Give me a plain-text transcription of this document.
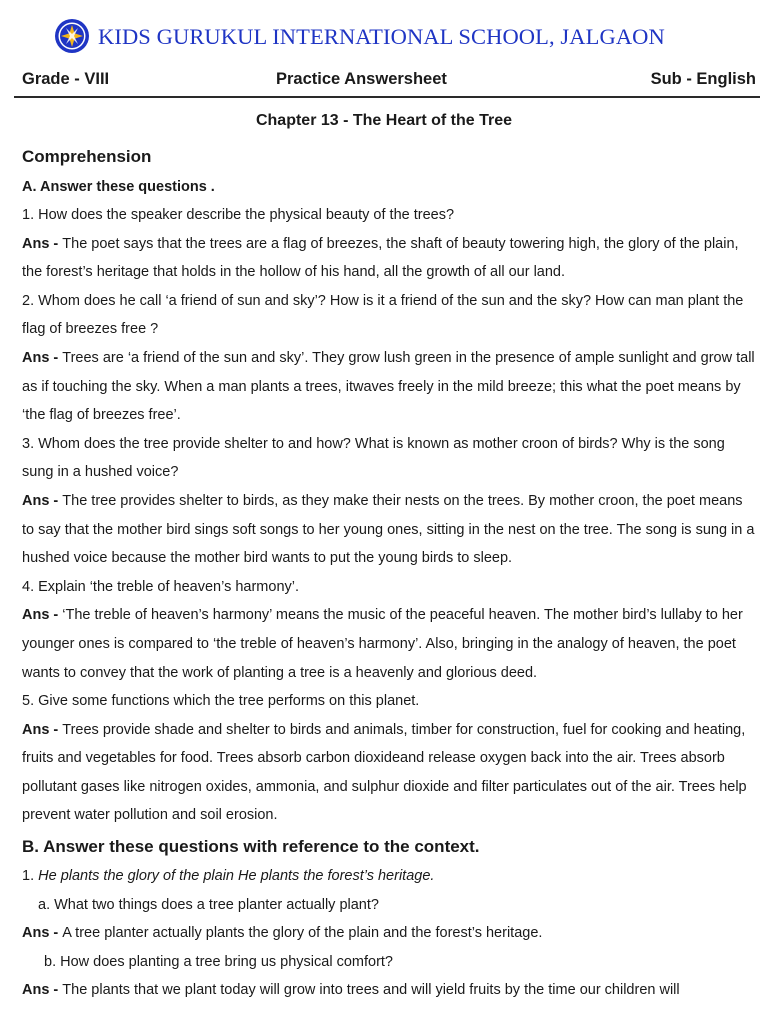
KIDS GURUKUL INTERNATIONAL SCHOOL, JALGAON
Grade - VIII	Practice Answersheet	Sub - English
Chapter 13 - The Heart of the Tree
Comprehension
A. Answer these questions .

1. How does the speaker describe the physical beauty of the trees?

Ans - The poet says that the trees are a flag of breezes, the shaft of beauty towering high, the glory of the plain, the forest’s heritage that holds in the hollow of his hand, all the growth of all our land.

2. Whom does he call ‘a friend of sun and sky’? How is it a friend of the sun and the sky? How can man plant the flag of breezes free ?

Ans - Trees are ‘a friend of the sun and sky’. They grow lush green in the presence of ample sunlight and grow tall as if touching the sky. When a man plants a trees, itwaves freely in the mild breeze; this what the poet means by ‘the flag of breezes free’.

3. Whom does the tree provide shelter to and how? What is known as mother croon of birds? Why is the song sung in a hushed voice?

Ans - The tree provides shelter to birds, as they make their nests on the trees. By mother croon, the poet means to say that the mother bird sings soft songs to her young ones, sitting in the nest on the tree. The song is sung in a hushed voice because the mother bird wants to put the young birds to sleep.

4. Explain ‘the treble of heaven’s harmony’.

Ans - ‘The treble of heaven’s harmony’ means the music of the peaceful heaven. The mother bird’s lullaby to her younger ones is compared to ‘the treble of heaven’s harmony’. Also, bringing in the analogy of heaven, the poet wants to convey that the work of planting a tree is a heavenly and glorious deed.

5. Give some functions which the tree performs on this planet.

Ans - Trees provide shade and shelter to birds and animals, timber for construction, fuel for cooking and heating, fruits and vegetables for food. Trees absorb carbon dioxideand release oxygen back into the air. Trees absorb pollutant gases like nitrogen oxides, ammonia, and sulphur dioxide and filter particulates out of the air. Trees help prevent water pollution and soil erosion.

B. Answer these questions with reference to the context.

1. He plants the glory of the plain He plants the forest’s heritage.

a. What two things does a tree planter actually plant?

Ans - A tree planter actually plants the glory of the plain and the forest’s heritage.

b. How does planting a tree bring us physical comfort?

Ans - The plants that we plant today will grow into trees and will yield fruits by the time our children will
